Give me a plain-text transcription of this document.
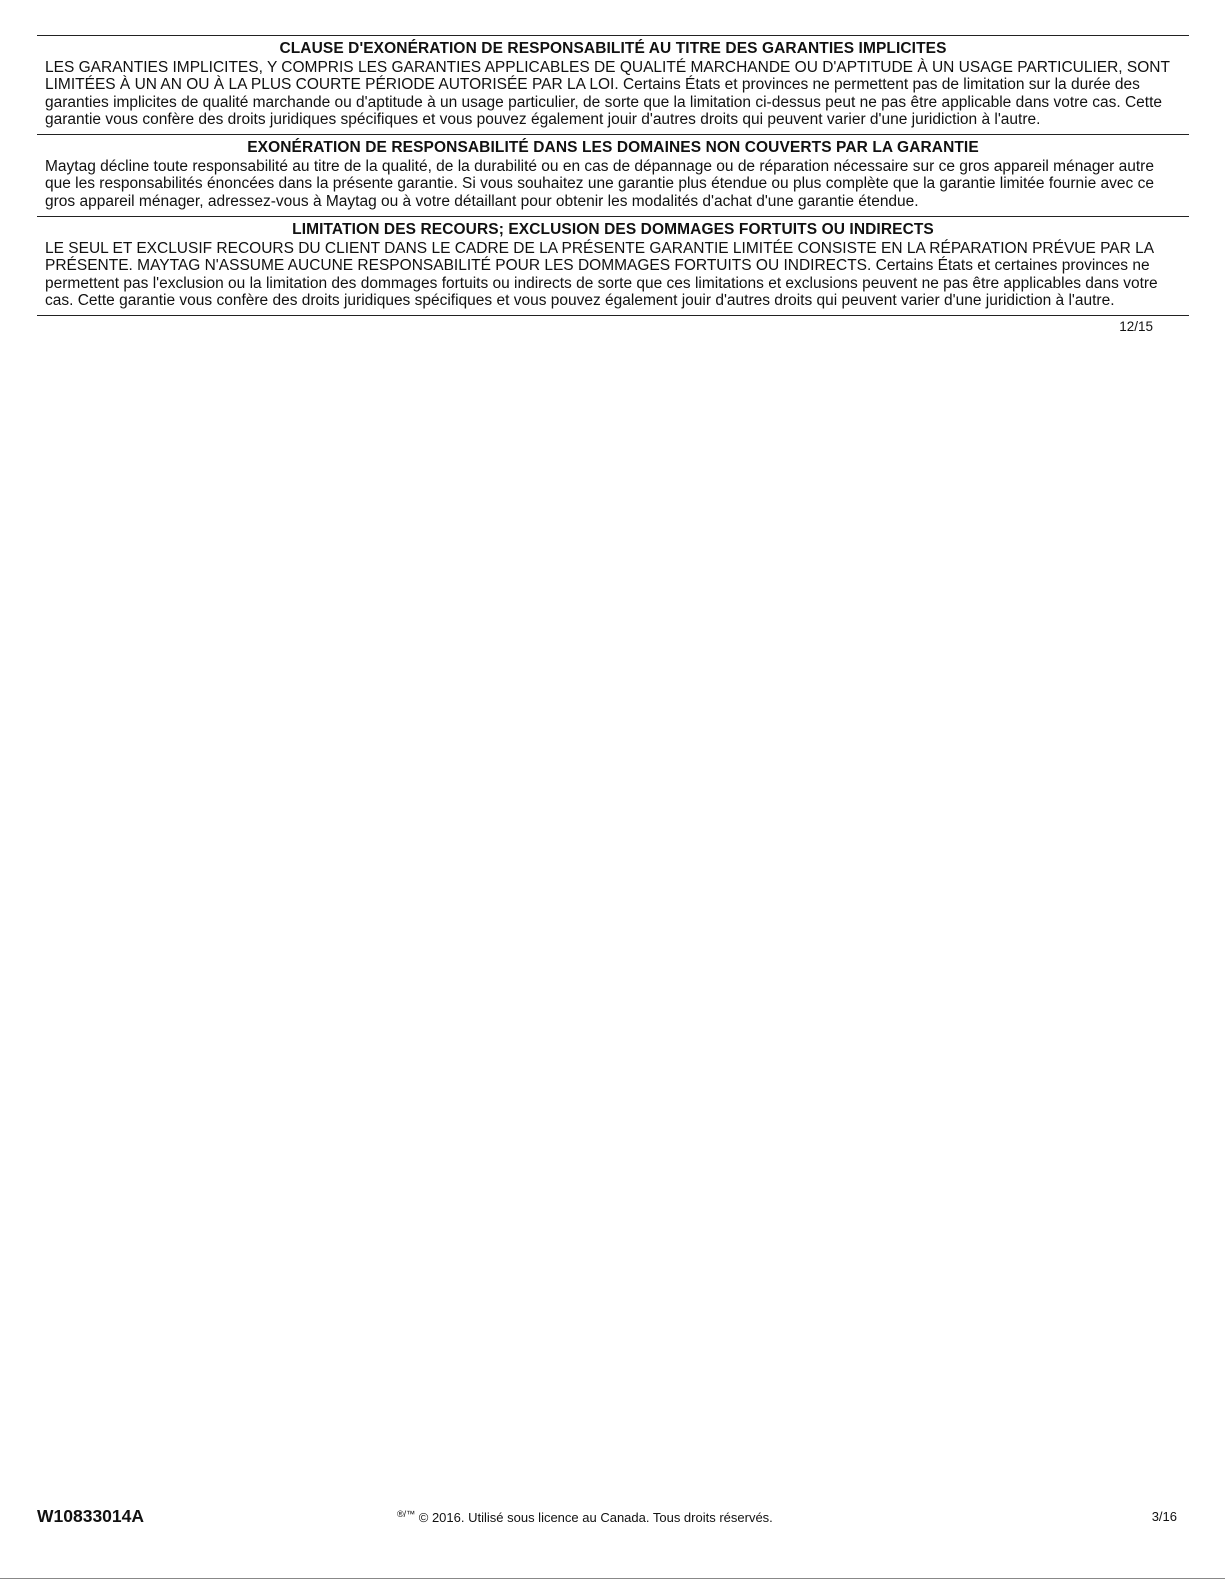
CLAUSE D'EXONÉRATION DE RESPONSABILITÉ AU TITRE DES GARANTIES IMPLICITES

LES GARANTIES IMPLICITES, Y COMPRIS LES GARANTIES APPLICABLES DE QUALITÉ MARCHANDE OU D'APTITUDE À UN USAGE PARTICULIER, SONT LIMITÉES À UN AN OU À LA PLUS COURTE PÉRIODE AUTORISÉE PAR LA LOI. Certains États et provinces ne permettent pas de limitation sur la durée des garanties implicites de qualité marchande ou d'aptitude à un usage particulier, de sorte que la limitation ci-dessus peut ne pas être applicable dans votre cas. Cette garantie vous confère des droits juridiques spécifiques et vous pouvez également jouir d'autres droits qui peuvent varier d'une juridiction à l'autre.

EXONÉRATION DE RESPONSABILITÉ DANS LES DOMAINES NON COUVERTS PAR LA GARANTIE

Maytag décline toute responsabilité au titre de la qualité, de la durabilité ou en cas de dépannage ou de réparation nécessaire sur ce gros appareil ménager autre que les responsabilités énoncées dans la présente garantie. Si vous souhaitez une garantie plus étendue ou plus complète que la garantie limitée fournie avec ce gros appareil ménager, adressez-vous à Maytag ou à votre détaillant pour obtenir les modalités d'achat d'une garantie étendue.

LIMITATION DES RECOURS; EXCLUSION DES DOMMAGES FORTUITS OU INDIRECTS

LE SEUL ET EXCLUSIF RECOURS DU CLIENT DANS LE CADRE DE LA PRÉSENTE GARANTIE LIMITÉE CONSISTE EN LA RÉPARATION PRÉVUE PAR LA PRÉSENTE. MAYTAG N'ASSUME AUCUNE RESPONSABILITÉ POUR LES DOMMAGES FORTUITS OU INDIRECTS. Certains États et certaines provinces ne permettent pas l'exclusion ou la limitation des dommages fortuits ou indirects de sorte que ces limitations et exclusions peuvent ne pas être applicables dans votre cas. Cette garantie vous confère des droits juridiques spécifiques et vous pouvez également jouir d'autres droits qui peuvent varier d'une juridiction à l'autre.

12/15
W10833014A	®/™ © 2016. Utilisé sous licence au Canada. Tous droits réservés.	3/16
